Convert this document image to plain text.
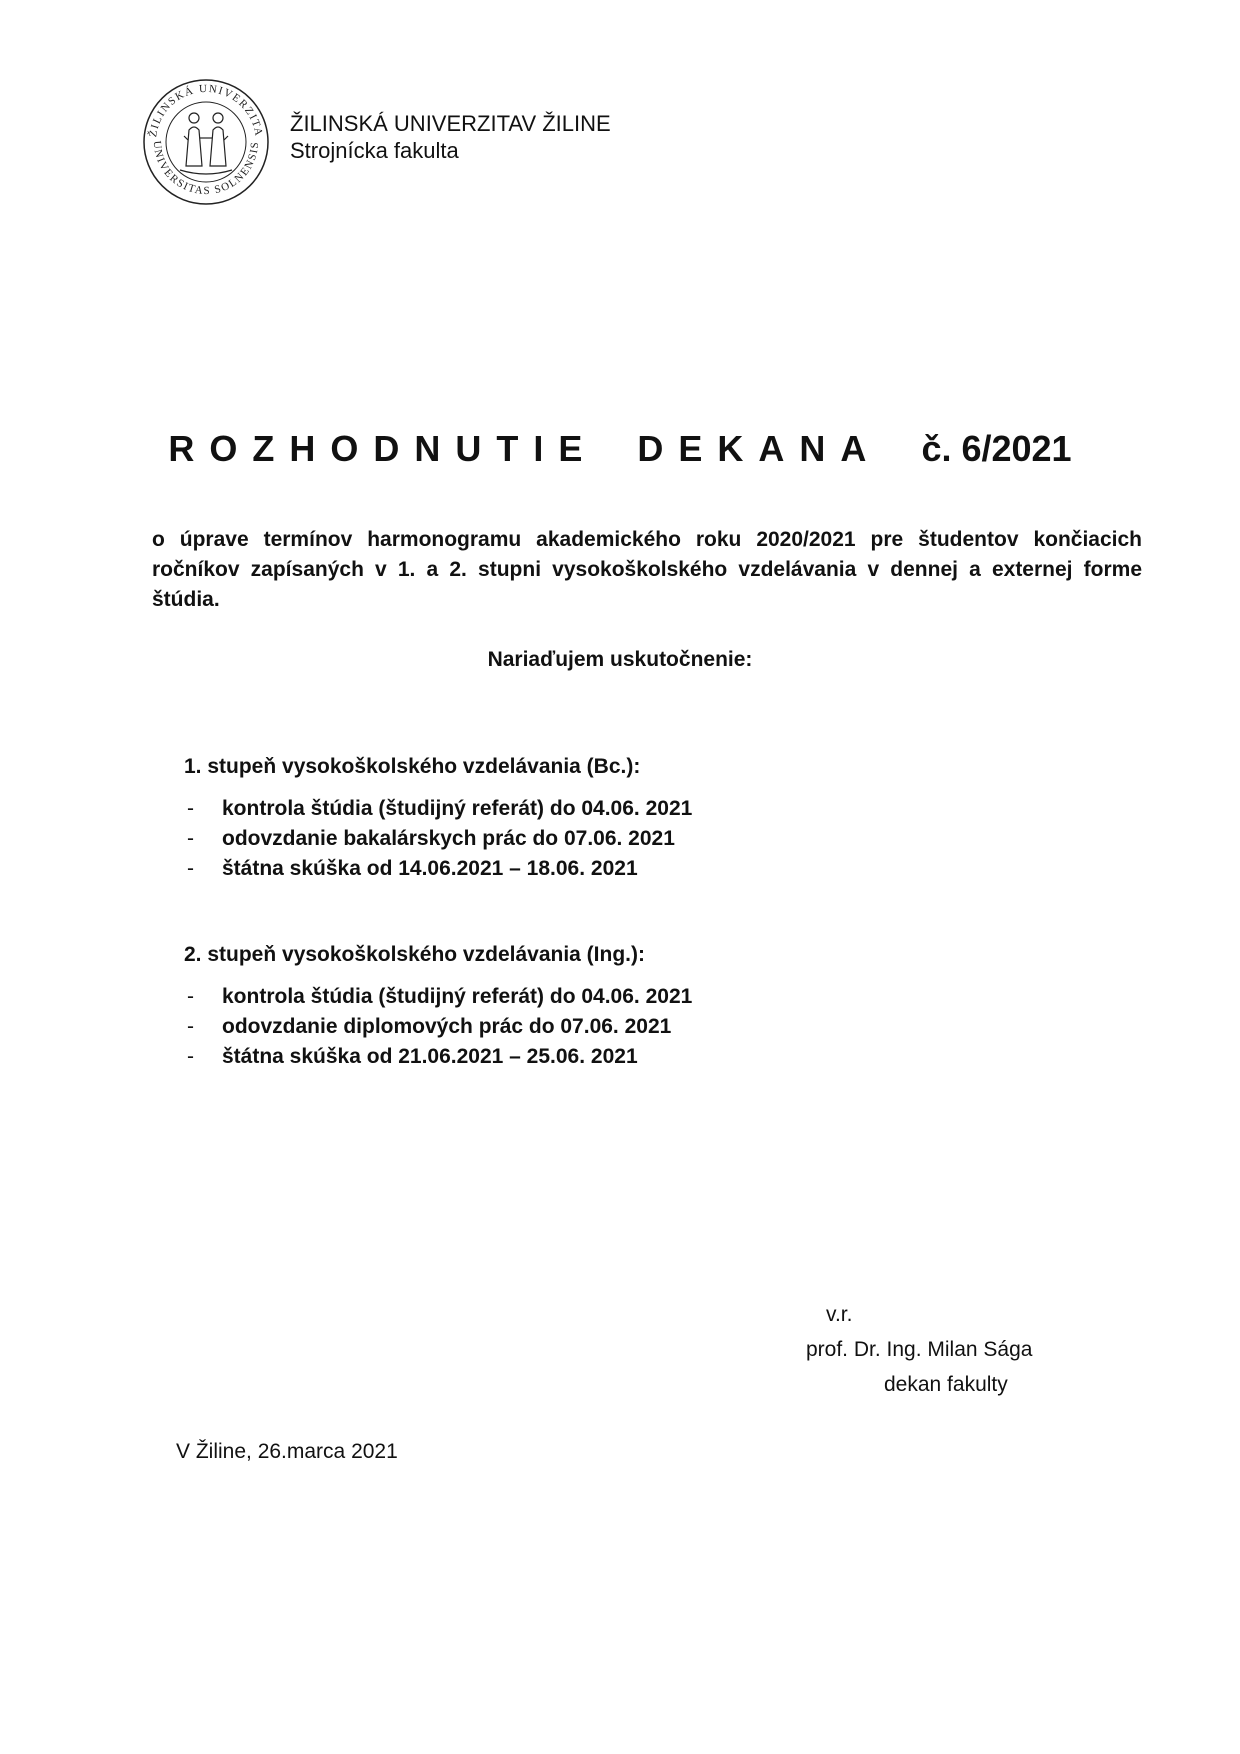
ŽILINSKÁ UNIVERZITA
UNIVERSITAS SOLNENSIS
ŽILINSKÁ UNIVERZITAV ŽILINE
Strojnícka fakulta
ROZHODNUTIE DEKANA č. 6/2021
o úprave termínov harmonogramu akademického roku 2020/2021 pre študentov končiacich ročníkov zapísaných v 1. a 2. stupni vysokoškolského vzdelávania v dennej a externej forme štúdia.
Nariaďujem uskutočnenie:
1. stupeň vysokoškolského vzdelávania (Bc.):
- kontrola štúdia (študijný referát) do 04.06. 2021
- odovzdanie bakalárskych prác do 07.06. 2021
- štátna skúška od 14.06.2021 – 18.06. 2021
2. stupeň vysokoškolského vzdelávania (Ing.):
- kontrola štúdia (študijný referát) do 04.06. 2021
- odovzdanie diplomových prác do 07.06. 2021
- štátna skúška od 21.06.2021 – 25.06. 2021
v.r.
prof. Dr. Ing. Milan Sága
dekan fakulty
V Žiline, 26.marca 2021
